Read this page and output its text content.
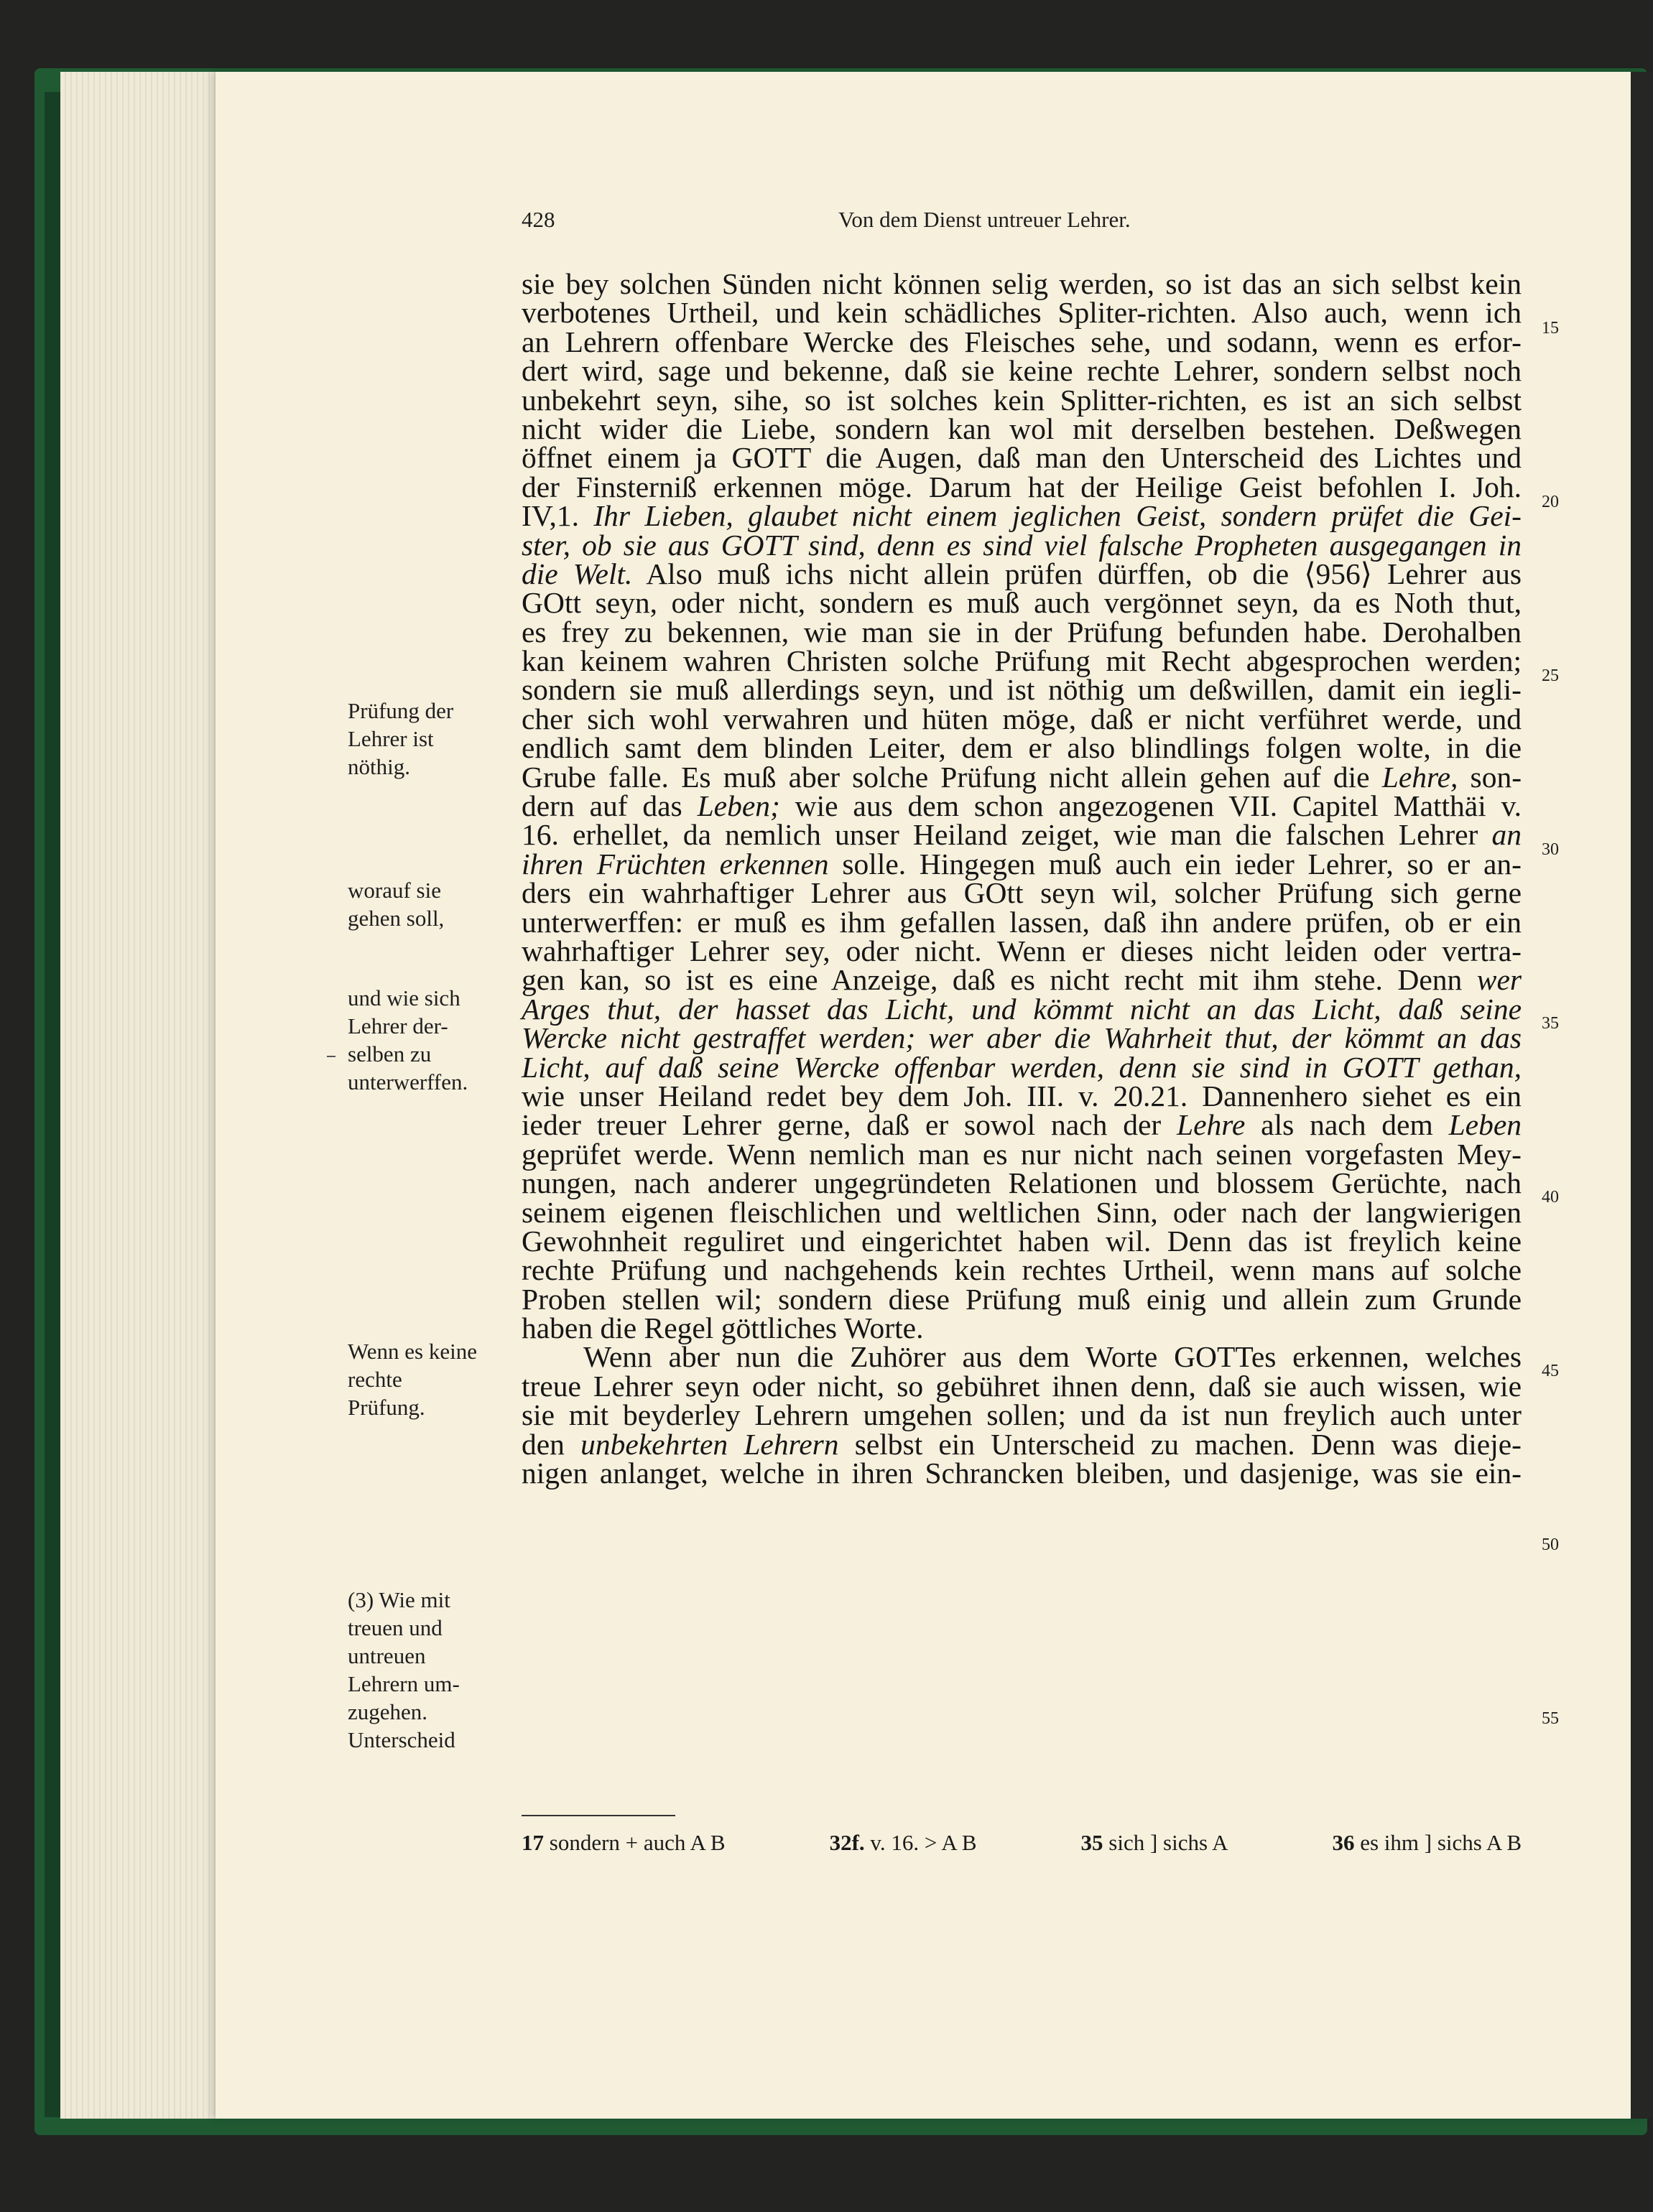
428	Von dem Dienst untreuer Lehrer.
sie bey solchen Sünden nicht können selig werden, so ist das an sich selbst kein
verbotenes Urtheil, und kein schädliches Spliter-richten. Also auch, wenn ich
an Lehrern offenbare Wercke des Fleisches sehe, und sodann, wenn es erfor-
dert wird, sage und bekenne, daß sie keine rechte Lehrer, sondern selbst noch
unbekehrt seyn, sihe, so ist solches kein Splitter-richten, es ist an sich selbst
nicht wider die Liebe, sondern kan wol mit derselben bestehen. Deßwegen
öffnet einem ja GOTT die Augen, daß man den Unterscheid des Lichtes und
der Finsterniß erkennen möge. Darum hat der Heilige Geist befohlen I. Joh.
IV,1. Ihr Lieben, glaubet nicht einem jeglichen Geist, sondern prüfet die Gei-
ster, ob sie aus GOTT sind, denn es sind viel falsche Propheten ausgegangen in
die Welt. Also muß ichs nicht allein prüfen dürffen, ob die ⟨956⟩ Lehrer aus
GOtt seyn, oder nicht, sondern es muß auch vergönnet seyn, da es Noth thut,
es frey zu bekennen, wie man sie in der Prüfung befunden habe. Derohalben
kan keinem wahren Christen solche Prüfung mit Recht abgesprochen werden;
sondern sie muß allerdings seyn, und ist nöthig um deßwillen, damit ein iegli-
cher sich wohl verwahren und hüten möge, daß er nicht verführet werde, und
endlich samt dem blinden Leiter, dem er also blindlings folgen wolte, in die
Grube falle. Es muß aber solche Prüfung nicht allein gehen auf die Lehre, son-
dern auf das Leben; wie aus dem schon angezogenen VII. Capitel Matthäi v.
16. erhellet, da nemlich unser Heiland zeiget, wie man die falschen Lehrer an
ihren Früchten erkennen solle. Hingegen muß auch ein ieder Lehrer, so er an-
ders ein wahrhaftiger Lehrer aus GOtt seyn wil, solcher Prüfung sich gerne
unterwerffen: er muß es ihm gefallen lassen, daß ihn andere prüfen, ob er ein
wahrhaftiger Lehrer sey, oder nicht. Wenn er dieses nicht leiden oder vertra-
gen kan, so ist es eine Anzeige, daß es nicht recht mit ihm stehe. Denn wer
Arges thut, der hasset das Licht, und kömmt nicht an das Licht, daß seine
Wercke nicht gestraffet werden; wer aber die Wahrheit thut, der kömmt an das
Licht, auf daß seine Wercke offenbar werden, denn sie sind in GOTT gethan,
wie unser Heiland redet bey dem Joh. III. v. 20.21. Dannenhero siehet es ein
ieder treuer Lehrer gerne, daß er sowol nach der Lehre als nach dem Leben
geprüfet werde. Wenn nemlich man es nur nicht nach seinen vorgefasten Mey-
nungen, nach anderer ungegründeten Relationen und blossem Gerüchte, nach
seinem eigenen fleischlichen und weltlichen Sinn, oder nach der langwierigen
Gewohnheit reguliret und eingerichtet haben wil. Denn das ist freylich keine
rechte Prüfung und nachgehends kein rechtes Urtheil, wenn mans auf solche
Proben stellen wil; sondern diese Prüfung muß einig und allein zum Grunde
haben die Regel göttliches Worte.
Wenn aber nun die Zuhörer aus dem Worte GOTTes erkennen, welches
treue Lehrer seyn oder nicht, so gebühret ihnen denn, daß sie auch wissen, wie
sie mit beyderley Lehrern umgehen sollen; und da ist nun freylich auch unter
den unbekehrten Lehrern selbst ein Unterscheid zu machen. Denn was dieje-
nigen anlanget, welche in ihren Schrancken bleiben, und dasjenige, was sie ein-
15
20
25
30
35
40
45
50
55
Prüfung der
Lehrer ist
nöthig.
worauf sie
gehen soll,
und wie sich
Lehrer der-
selben zu
unterwerffen.
Wenn es keine
rechte
Prüfung.
(3) Wie mit
treuen und
untreuen
Lehrern um-
zugehen.
Unterscheid
17 sondern + auch A B	32f. v. 16. > A B	35 sich ] sichs A	36 es ihm ] sichs A B
